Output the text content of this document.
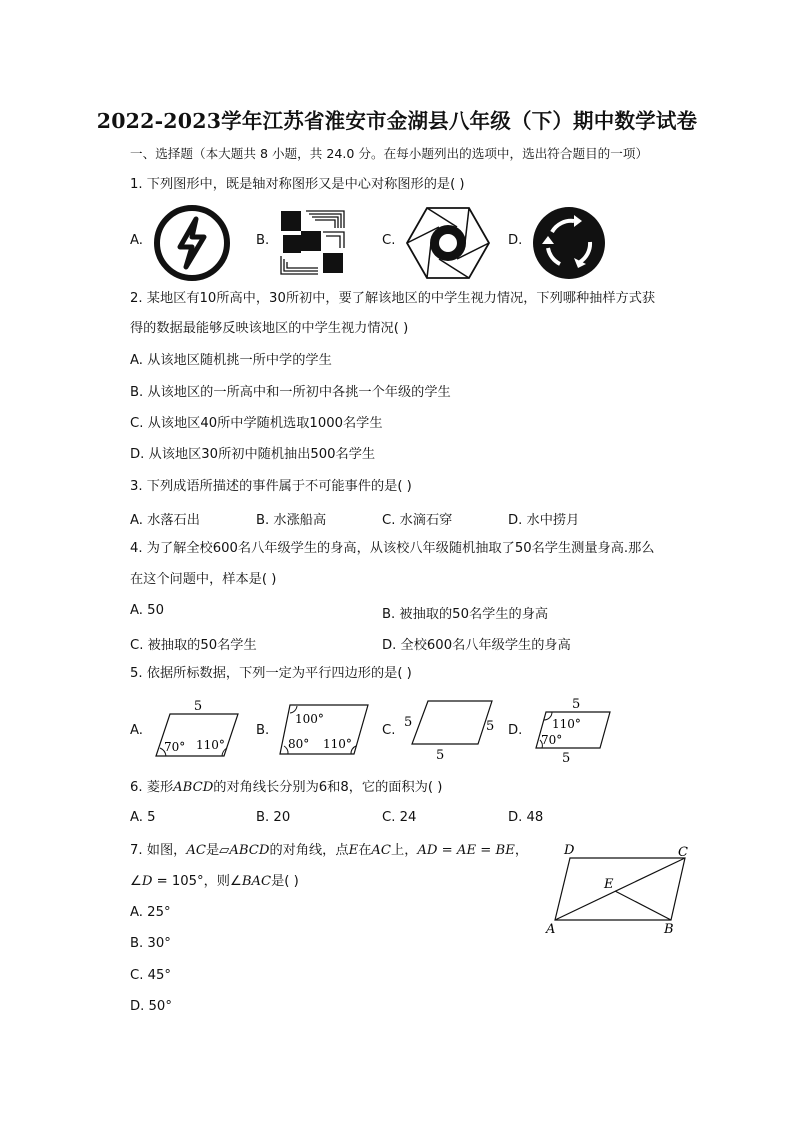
2022-2023学年江苏省淮安市金湖县八年级（下）期中数学试卷
一、选择题（本大题共 8 小题，共 24.0 分。在每小题列出的选项中，选出符合题目的一项）
1. 下列图形中，既是轴对称图形又是中心对称图形的是( )
A.	B.	C.	D.
2. 某地区有10所高中，30所初中，要了解该地区的中学生视力情况，下列哪种抽样方式获
得的数据最能够反映该地区的中学生视力情况( )
A. 从该地区随机挑一所中学的学生
B. 从该地区的一所高中和一所初中各挑一个年级的学生
C. 从该地区40所中学随机选取1000名学生
D. 从该地区30所初中随机抽出500名学生
3. 下列成语所描述的事件属于不可能事件的是( )
A. 水落石出	B. 水涨船高	C. 水滴石穿	D. 水中捞月
4. 为了解全校600名八年级学生的身高，从该校八年级随机抽取了50名学生测量身高.那么
在这个问题中，样本是( )
A. 50	B. 被抽取的50名学生的身高
C. 被抽取的50名学生	D. 全校600名八年级学生的身高
5. 依据所标数据，下列一定为平行四边形的是( )
A.
5
70° 110°
B.
100°
80° 110°
C.
5	5
5
D.
5
110°
70°
5
6. 菱形ABCD的对角线长分别为6和8，它的面积为( )
A. 5	B. 20	C. 24	D. 48
7. 如图，AC是▱ABCD的对角线，点E在AC上，AD = AE = BE，
∠D = 105°，则∠BAC是( )
A. 25°
B. 30°
C. 45°
D. 50°
D	C
E
A	B
